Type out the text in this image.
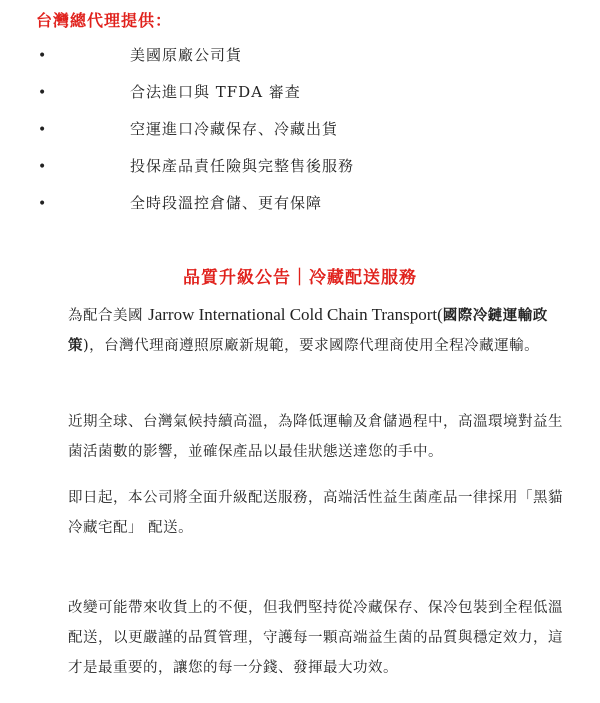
台灣總代理提供：
•	美國原廠公司貨
•	合法進口與 TFDA 審查
•	空運進口冷藏保存、冷藏出貨
•	投保產品責任險與完整售後服務
•	全時段溫控倉儲、更有保障
品質升級公告｜冷藏配送服務
為配合美國 Jarrow International Cold Chain Transport(國際冷鏈運輸政策)，台灣代理商遵照原廠新規範，要求國際代理商使用全程冷藏運輸。
近期全球、台灣氣候持續高溫，為降低運輸及倉儲過程中，高溫環境對益生菌活菌數的影響，並確保產品以最佳狀態送達您的手中。
即日起，本公司將全面升級配送服務，高端活性益生菌產品一律採用「黑貓冷藏宅配」 配送。
改變可能帶來收貨上的不便，但我們堅持從冷藏保存、保冷包裝到全程低溫配送，以更嚴謹的品質管理，守護每一顆高端益生菌的品質與穩定效力，這才是最重要的，讓您的每一分錢、發揮最大功效。
